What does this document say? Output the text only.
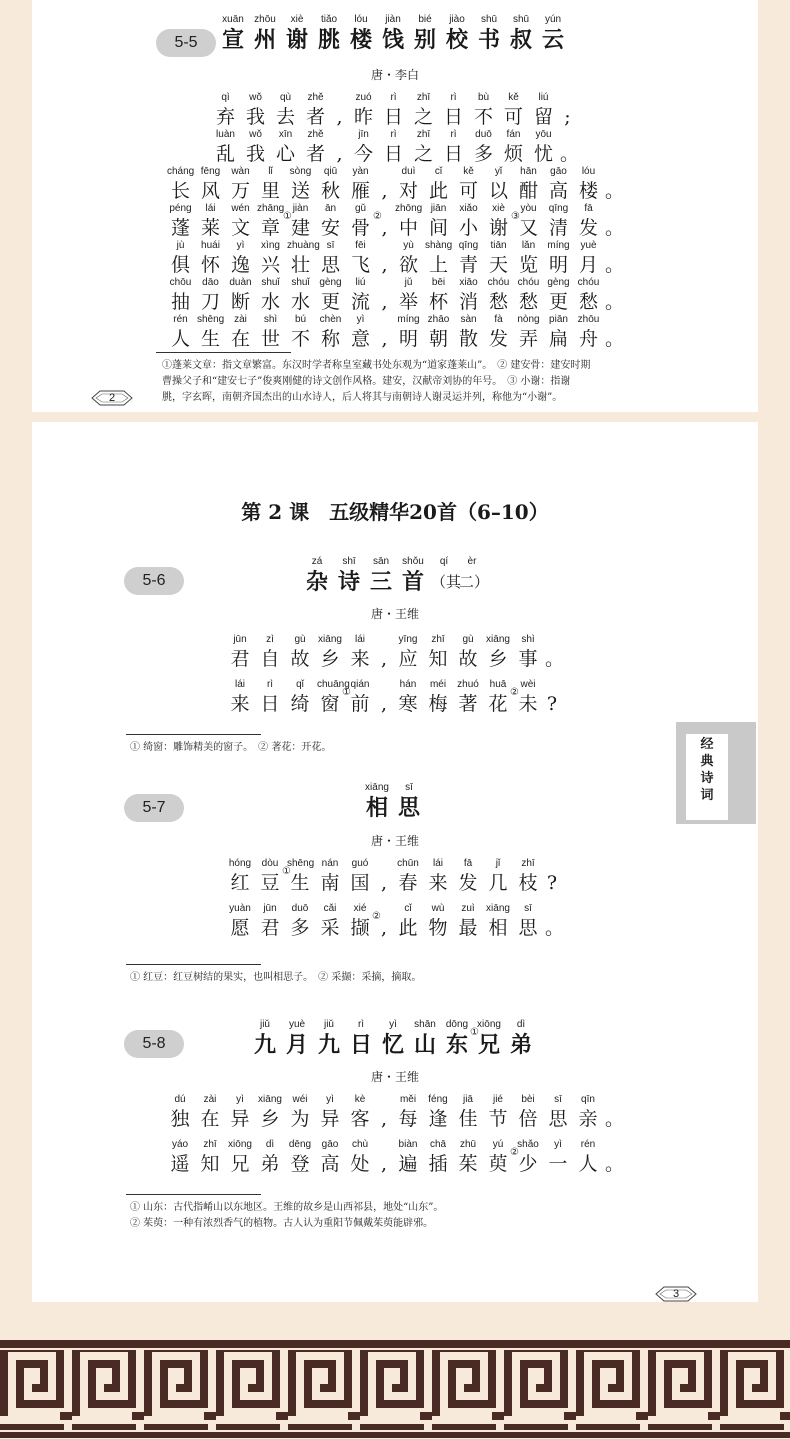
5-5
xuān
宣
zhōu
州
xiè
谢
tiǎo
朓
lóu
楼
jiàn
饯
bié
别
jiào
校
shū
书
shū
叔
yún
云
唐・李白
qì
弃
wǒ
我
qù
去
zhě
者 ,
zuó
昨
rì
日
zhī
之
rì
日
bù
不
kě
可
liú
留 ;
luàn
乱
wǒ
我
xīn
心
zhě
者 ,
jīn
今
rì
日
zhī
之
rì
日
duō
多
fán
烦
yōu
忧 。
cháng
长
fēng
风
wàn
万
lǐ
里
sòng
送
qiū
秋
yàn
雁 ,
duì
对
cǐ
此
kě
可
yǐ
以
hān
酣
gāo
高
lóu
楼 。
péng
蓬
lái
莱
wén
文
zhāng
章
①
jiàn
建
ān
安
gǔ
骨
②
,
zhōng
中
jiān
间
xiǎo
小
xiè
谢
③
yòu
又
qīng
清
fā
发 。
jù
俱
huái
怀
yì
逸
xìng
兴
zhuàng
壮
sī
思
fēi
飞 ,
yù
欲
shàng
上
qīng
青
tiān
天
lǎn
览
míng
明
yuè
月 。
chōu
抽
dāo
刀
duàn
断
shuǐ
水
shuǐ
水
gèng
更
liú
流 ,
jǔ
举
bēi
杯
xiāo
消
chóu
愁
chóu
愁
gèng
更
chóu
愁 。
rén
人
shēng
生
zài
在
shì
世
bú
不
chèn
称
yì
意 ,
míng
明
zhāo
朝
sàn
散
fà
发
nòng
弄
piān
扁
zhōu
舟 。
①蓬莱文章：指文章繁富。东汉时学者称皇室藏书处东观为“道家蓬莱山”。　② 建安骨：建安时期
曹操父子和“建安七子”俊爽刚健的诗文创作风格。建安，汉献帝刘协的年号。　③ 小谢：指谢
朓，字玄晖，南朝齐国杰出的山水诗人，后人将其与南朝诗人谢灵运并列，称他为“小谢”。
2
第 2 课　五级精华20首（6–10）
5-6
zá
杂
shī
诗
sān
三
shǒu
首
qí
（其
èr
二）
唐・王维
jūn
君
zì
自
gù
故
xiāng
乡
lái
来 ,
yīng
应
zhī
知
gù
故
xiāng
乡
shì
事 。
lái
来
rì
日
qǐ
绮
chuāng
窗
①
qián
前 ,
hán
寒
méi
梅
zhuó
著
huā
花
②
wèi
未 ?
① 绮窗：雕饰精美的窗子。　② 著花：开花。
5-7
xiāng
相
sī
思
唐・王维
hóng
红
dòu
豆
①
shēng
生
nán
南
guó
国 ,
chūn
春
lái
来
fā
发
jǐ
几
zhī
枝 ?
yuàn
愿
jūn
君
duō
多
cǎi
采
xié
撷
②
,
cǐ
此
wù
物
zuì
最
xiāng
相
sī
思 。
① 红豆：红豆树结的果实，也叫相思子。　② 采撷：采摘，摘取。
5-8
jiǔ
九
yuè
月
jiǔ
九
rì
日
yì
忆
shān
山
dōng
东 ①
xiōng
兄
dì
弟
唐・王维
dú
独
zài
在
yì
异
xiāng
乡
wéi
为
yì
异
kè
客 ,
měi
每
féng
逢
jiā
佳
jié
节
bèi
倍
sī
思
qīn
亲 。
yáo
遥
zhī
知
xiōng
兄
dì
弟
dēng
登
gāo
高
chù
处 ,
biàn
遍
chā
插
zhū
茱
yú
萸
②
shǎo
少
yì
一
rén
人 。
① 山东：古代指崤山以东地区。王维的故乡是山西祁县，地处“山东”。
② 茱萸：一种有浓烈香气的植物。古人认为重阳节佩戴茱萸能辟邪。
3
经
典
诗
词
